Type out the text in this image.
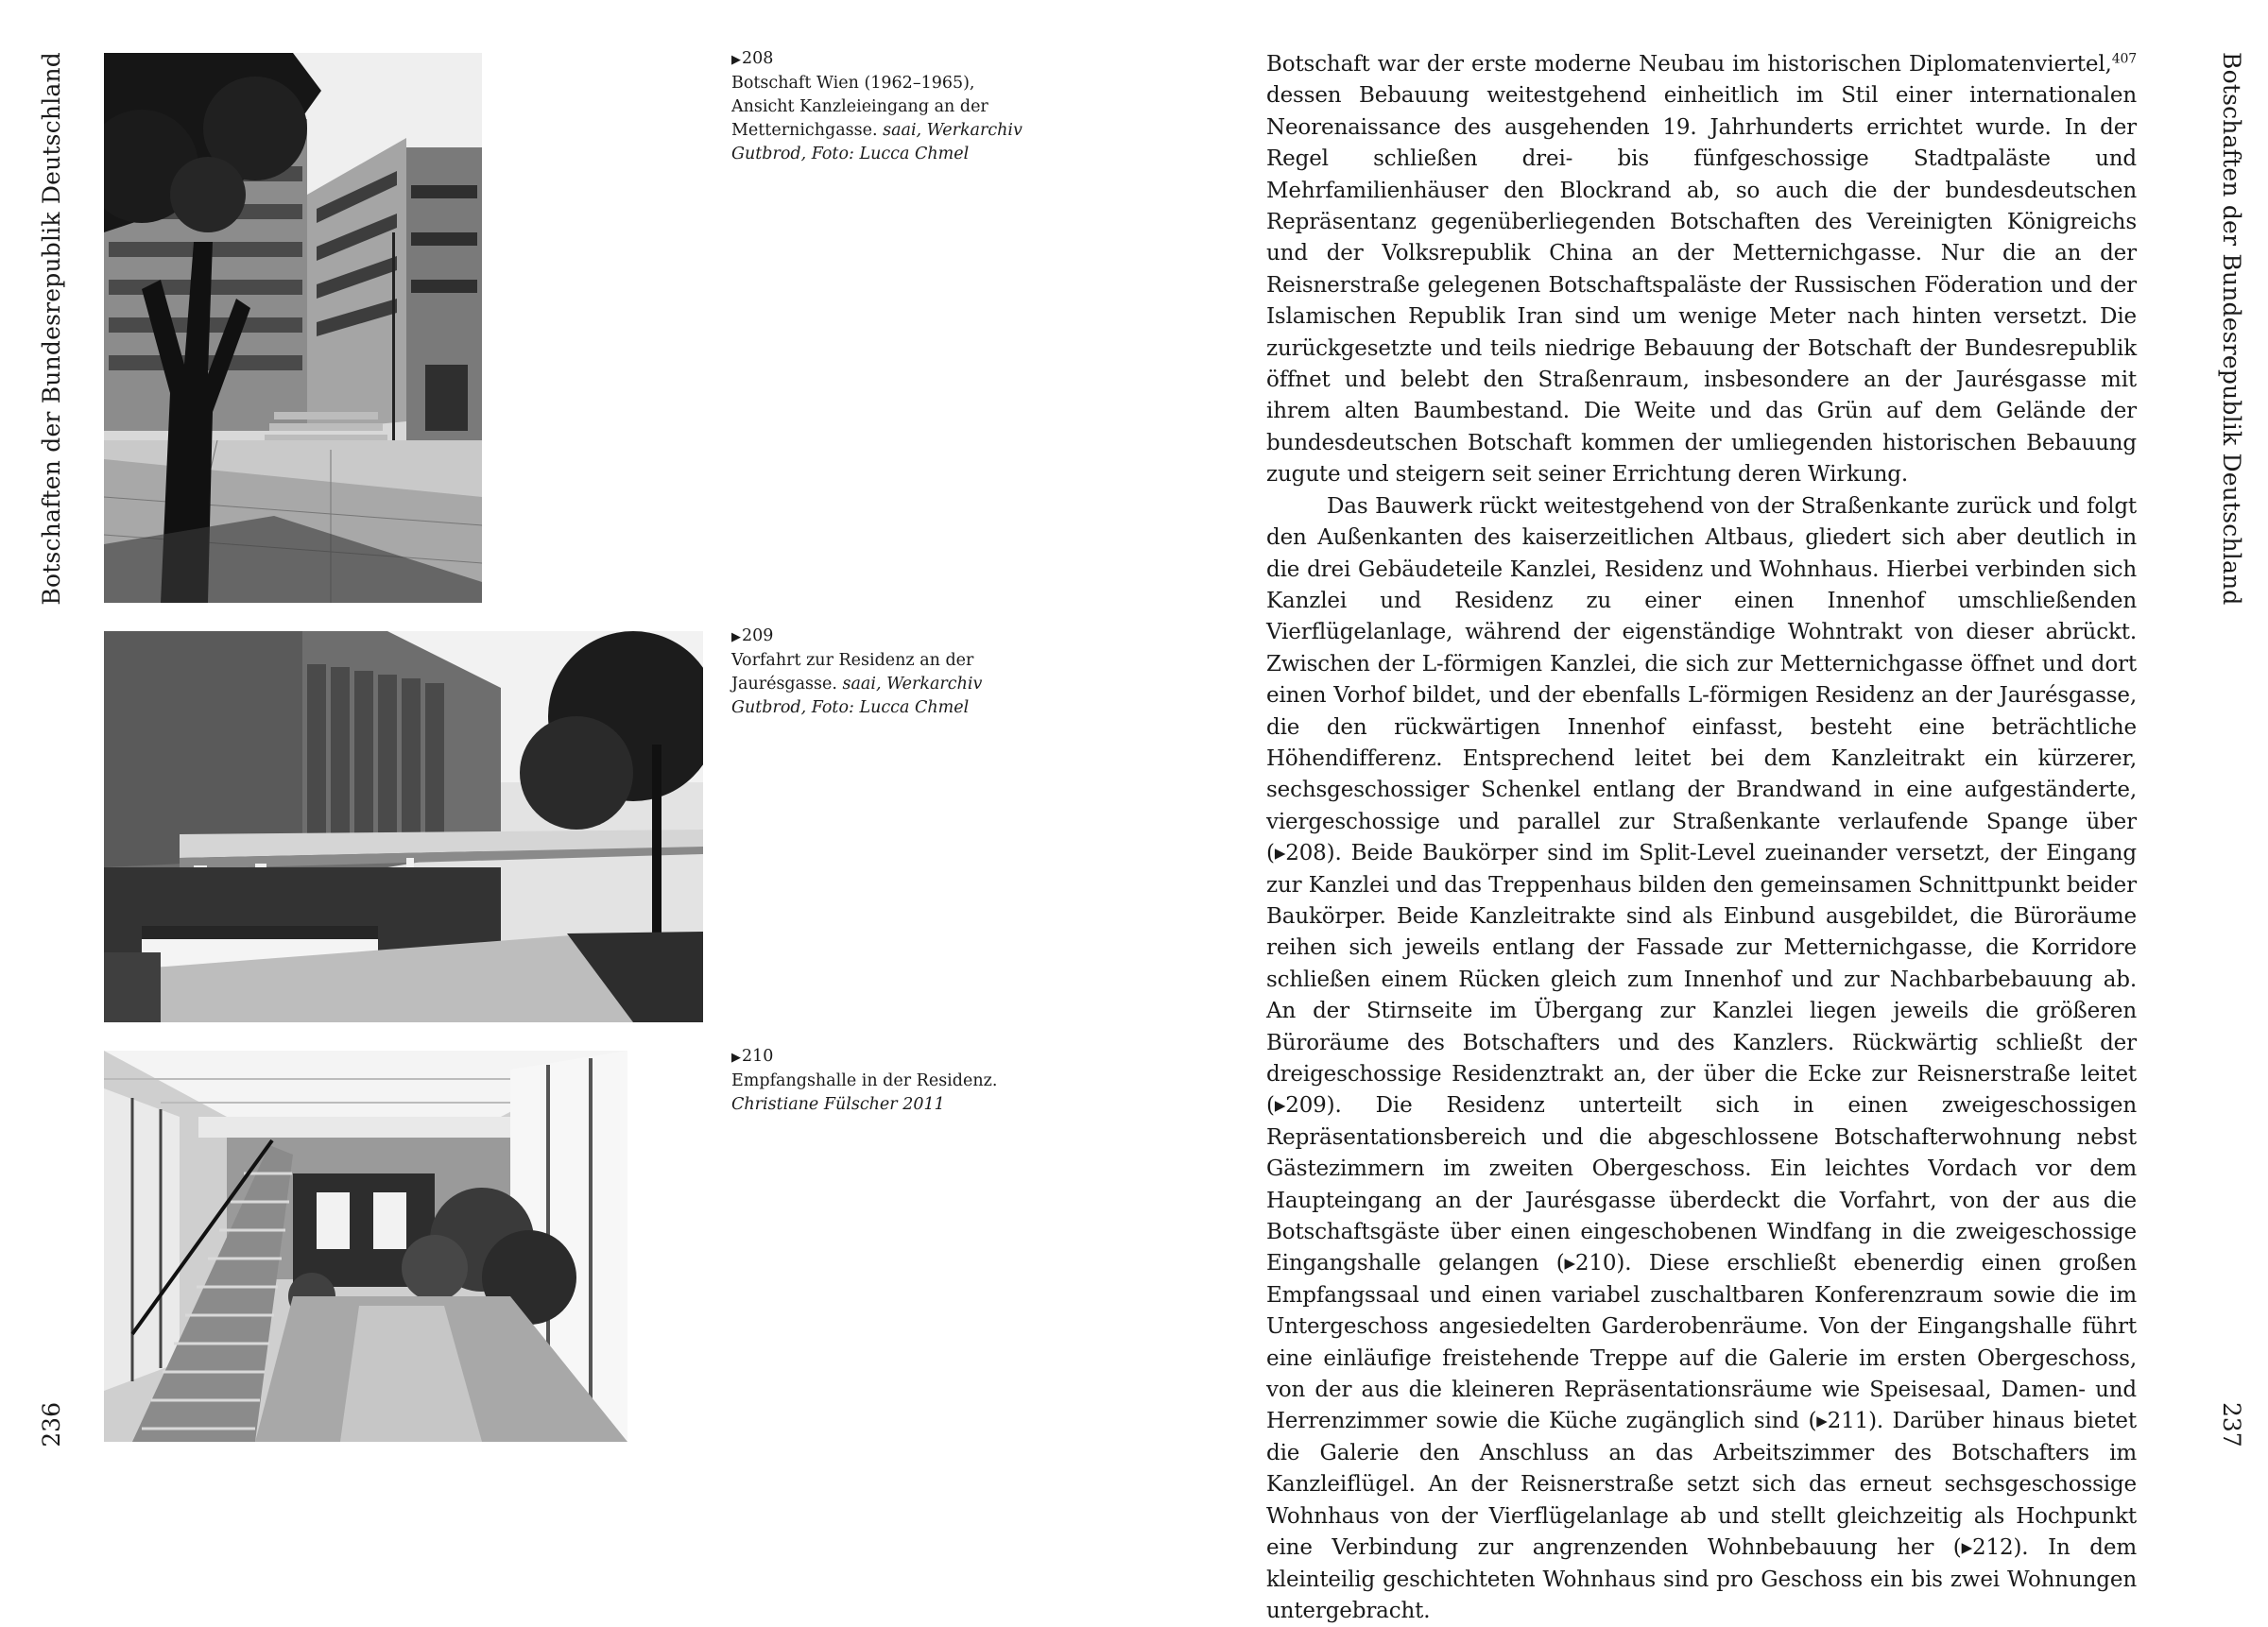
Botschaften der Bundesrepublik Deutschland	Botschaften der Bundesrepublik Deutschland
236	237
▶208
Botschaft Wien (1962–1965), Ansicht Kanzleieingang an der Metternichgasse. saai, Werkarchiv Gutbrod, Foto: Lucca Chmel
▶209
Vorfahrt zur Residenz an der Jaurésgasse. saai, Werkarchiv Gutbrod, Foto: Lucca Chmel
▶210
Empfangshalle in der Residenz. Christiane Fülscher 2011

Botschaft war der erste moderne Neubau im historischen Diplomatenviertel,$^{407}$ dessen Bebauung weitestgehend einheitlich im Stil einer internationalen Neorenaissance des ausgehenden 19. Jahrhunderts errichtet wurde. In der Regel schließen drei- bis fünfgeschossige Stadtpaläste und Mehrfamilienhäuser den Blockrand ab, so auch die der bundesdeutschen Repräsentanz gegenüberliegenden Botschaften des Vereinigten Königreichs und der Volksrepublik China an der Metternichgasse. Nur die an der Reisnerstraße gelegenen Botschaftspaläste der Russischen Föderation und der Islamischen Republik Iran sind um wenige Meter nach hinten versetzt. Die zurückgesetzte und teils niedrige Bebauung der Botschaft der Bundesrepublik öffnet und belebt den Straßenraum, insbesondere an der Jaurésgasse mit ihrem alten Baumbestand. Die Weite und das Grün auf dem Gelände der bundesdeutschen Botschaft kommen der umliegenden historischen Bebauung zugute und steigern seit seiner Errichtung deren Wirkung.

Das Bauwerk rückt weitestgehend von der Straßenkante zurück und folgt den Außenkanten des kaiserzeitlichen Altbaus, gliedert sich aber deutlich in die drei Gebäudeteile Kanzlei, Residenz und Wohnhaus. Hierbei verbinden sich Kanzlei und Residenz zu einer einen Innenhof umschließenden Vierflügelanlage, während der eigenständige Wohntrakt von dieser abrückt. Zwischen der L-förmigen Kanzlei, die sich zur Metternichgasse öffnet und dort einen Vorhof bildet, und der ebenfalls L-förmigen Residenz an der Jaurésgasse, die den rückwärtigen Innenhof einfasst, besteht eine beträchtliche Höhendifferenz. Entsprechend leitet bei dem Kanzleitrakt ein kürzerer, sechsgeschossiger Schenkel entlang der Brandwand in eine aufgeständerte, viergeschossige und parallel zur Straßenkante verlaufende Spange über (▸208). Beide Baukörper sind im Split-Level zueinander versetzt, der Eingang zur Kanzlei und das Treppenhaus bilden den gemeinsamen Schnittpunkt beider Baukörper. Beide Kanzleitrakte sind als Einbund ausgebildet, die Büroräume reihen sich jeweils entlang der Fassade zur Metternichgasse, die Korridore schließen einem Rücken gleich zum Innenhof und zur Nachbarbebauung ab. An der Stirnseite im Übergang zur Kanzlei liegen jeweils die größeren Büroräume des Botschafters und des Kanzlers. Rückwärtig schließt der dreigeschossige Residenztrakt an, der über die Ecke zur Reisnerstraße leitet (▸209). Die Residenz unterteilt sich in einen zweigeschossigen Repräsentationsbereich und die abgeschlossene Botschafterwohnung nebst Gästezimmern im zweiten Obergeschoss. Ein leichtes Vordach vor dem Haupteingang an der Jaurésgasse überdeckt die Vorfahrt, von der aus die Botschaftsgäste über einen eingeschobenen Windfang in die zweigeschossige Eingangshalle gelangen (▸210). Diese erschließt ebenerdig einen großen Empfangssaal und einen variabel zuschaltbaren Konferenzraum sowie die im Untergeschoss angesiedelten Garderobenräume. Von der Eingangshalle führt eine einläufige freistehende Treppe auf die Galerie im ersten Obergeschoss, von der aus die kleineren Repräsentationsräume wie Speisesaal, Damen- und Herrenzimmer sowie die Küche zugänglich sind (▸211). Darüber hinaus bietet die Galerie den Anschluss an das Arbeitszimmer des Botschafters im Kanzleiflügel. An der Reisnerstraße setzt sich das erneut sechsgeschossige Wohnhaus von der Vierflügelanlage ab und stellt gleichzeitig als Hochpunkt eine Verbindung zur angrenzenden Wohnbebauung her (▸212). In dem kleinteilig geschichteten Wohnhaus sind pro Geschoss ein bis zwei Wohnungen untergebracht.
